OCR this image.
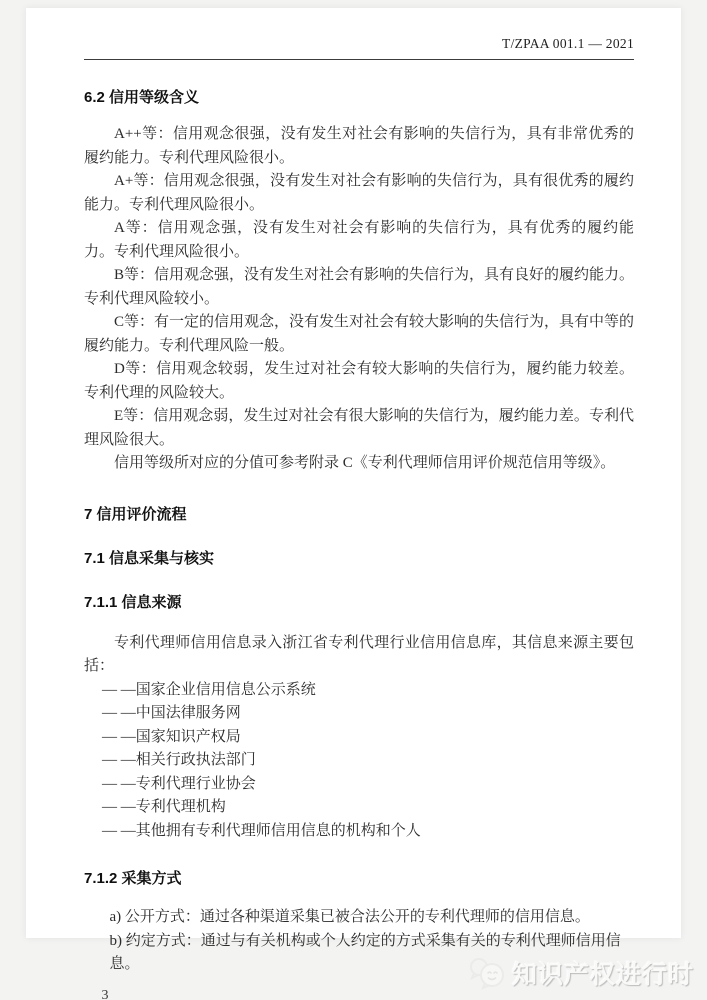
T/ZPAA 001.1 — 2021
6.2 信用等级含义

A++等：信用观念很强，没有发生对社会有影响的失信行为，具有非常优秀的履约能力。专利代理风险很小。

A+等：信用观念很强，没有发生对社会有影响的失信行为，具有很优秀的履约能力。专利代理风险很小。

A等：信用观念强，没有发生对社会有影响的失信行为，具有优秀的履约能力。专利代理风险很小。

B等：信用观念强，没有发生对社会有影响的失信行为，具有良好的履约能力。专利代理风险较小。

C等：有一定的信用观念，没有发生对社会有较大影响的失信行为，具有中等的履约能力。专利代理风险一般。

D等：信用观念较弱，发生过对社会有较大影响的失信行为，履约能力较差。专利代理的风险较大。

E等：信用观念弱，发生过对社会有很大影响的失信行为，履约能力差。专利代理风险很大。

信用等级所对应的分值可参考附录 C《专利代理师信用评价规范信用等级》。

7 信用评价流程
7.1 信息采集与核实
7.1.1 信息来源

专利代理师信用信息录入浙江省专利代理行业信用信息库，其信息来源主要包括：

— —国家企业信用信息公示系统

— —中国法律服务网

— —国家知识产权局

— —相关行政执法部门

— —专利代理行业协会

— —专利代理机构

— —其他拥有专利代理师信用信息的机构和个人

7.1.2 采集方式

a) 公开方式：通过各种渠道采集已被合法公开的专利代理师的信用信息。

b) 约定方式：通过与有关机构或个人约定的方式采集有关的专利代理师信用信息。

3
知识产权进行时
